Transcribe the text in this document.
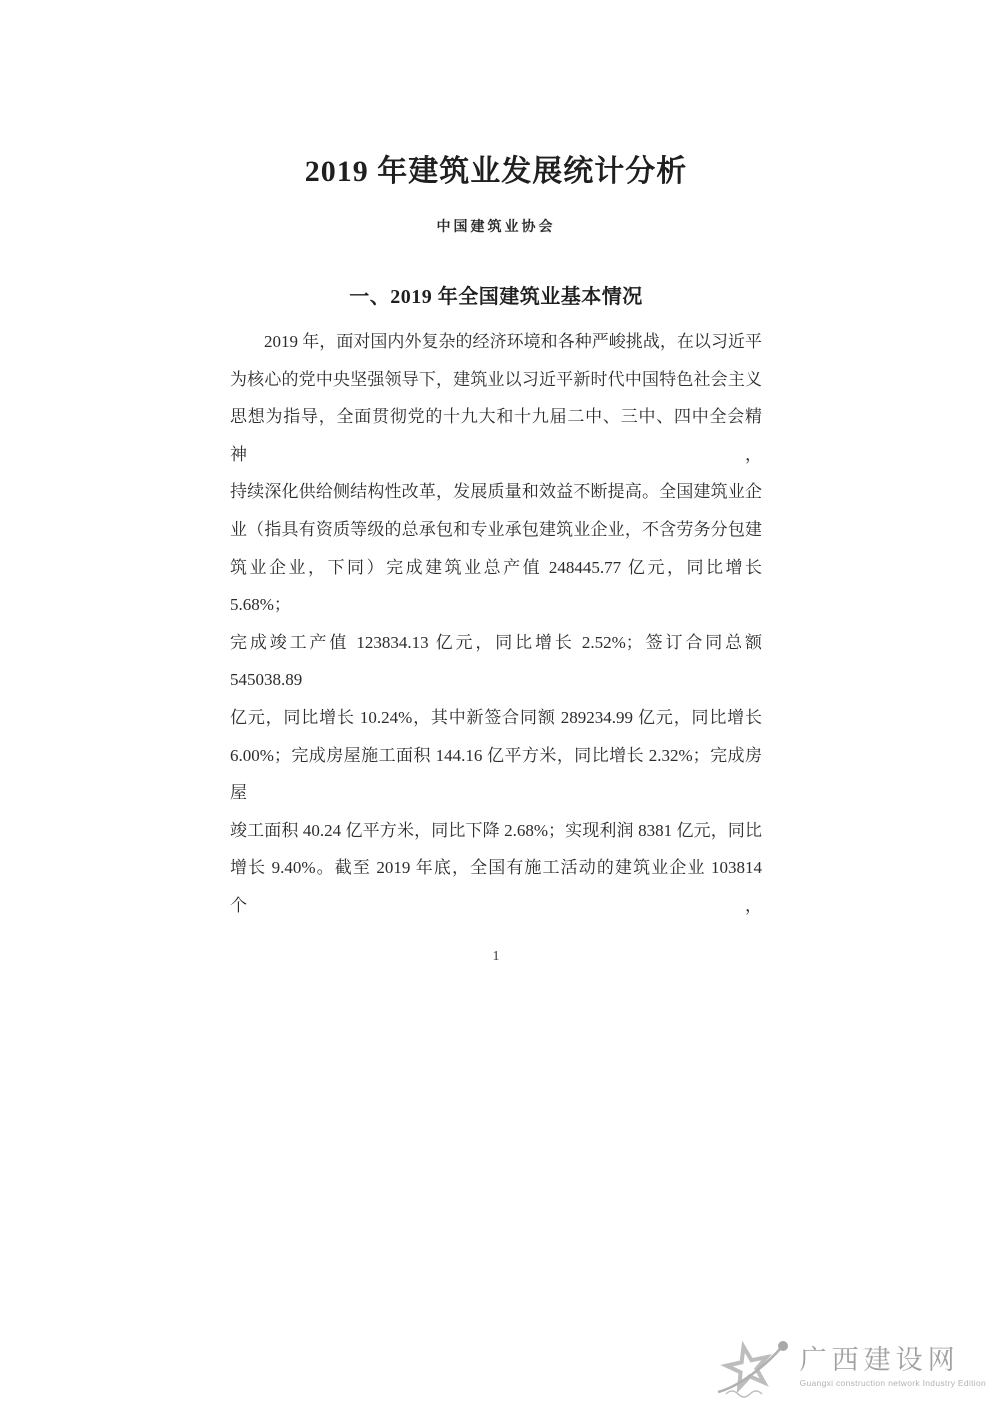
2019 年建筑业发展统计分析
中国建筑业协会
一、2019 年全国建筑业基本情况
2019 年，面对国内外复杂的经济环境和各种严峻挑战，在以习近平
为核心的党中央坚强领导下，建筑业以习近平新时代中国特色社会主义
思想为指导，全面贯彻党的十九大和十九届二中、三中、四中全会精神，
持续深化供给侧结构性改革，发展质量和效益不断提高。全国建筑业企
业（指具有资质等级的总承包和专业承包建筑业企业，不含劳务分包建
筑业企业，下同）完成建筑业总产值 248445.77 亿元，同比增长 5.68%；
完成竣工产值 123834.13 亿元，同比增长 2.52%；签订合同总额 545038.89
亿元，同比增长 10.24%，其中新签合同额 289234.99 亿元，同比增长
6.00%；完成房屋施工面积 144.16 亿平方米，同比增长 2.32%；完成房屋
竣工面积 40.24 亿平方米，同比下降 2.68%；实现利润 8381 亿元，同比
增长 9.40%。截至 2019 年底，全国有施工活动的建筑业企业 103814 个，
1
广西建设网
Guangxi construction network Industry Edition
